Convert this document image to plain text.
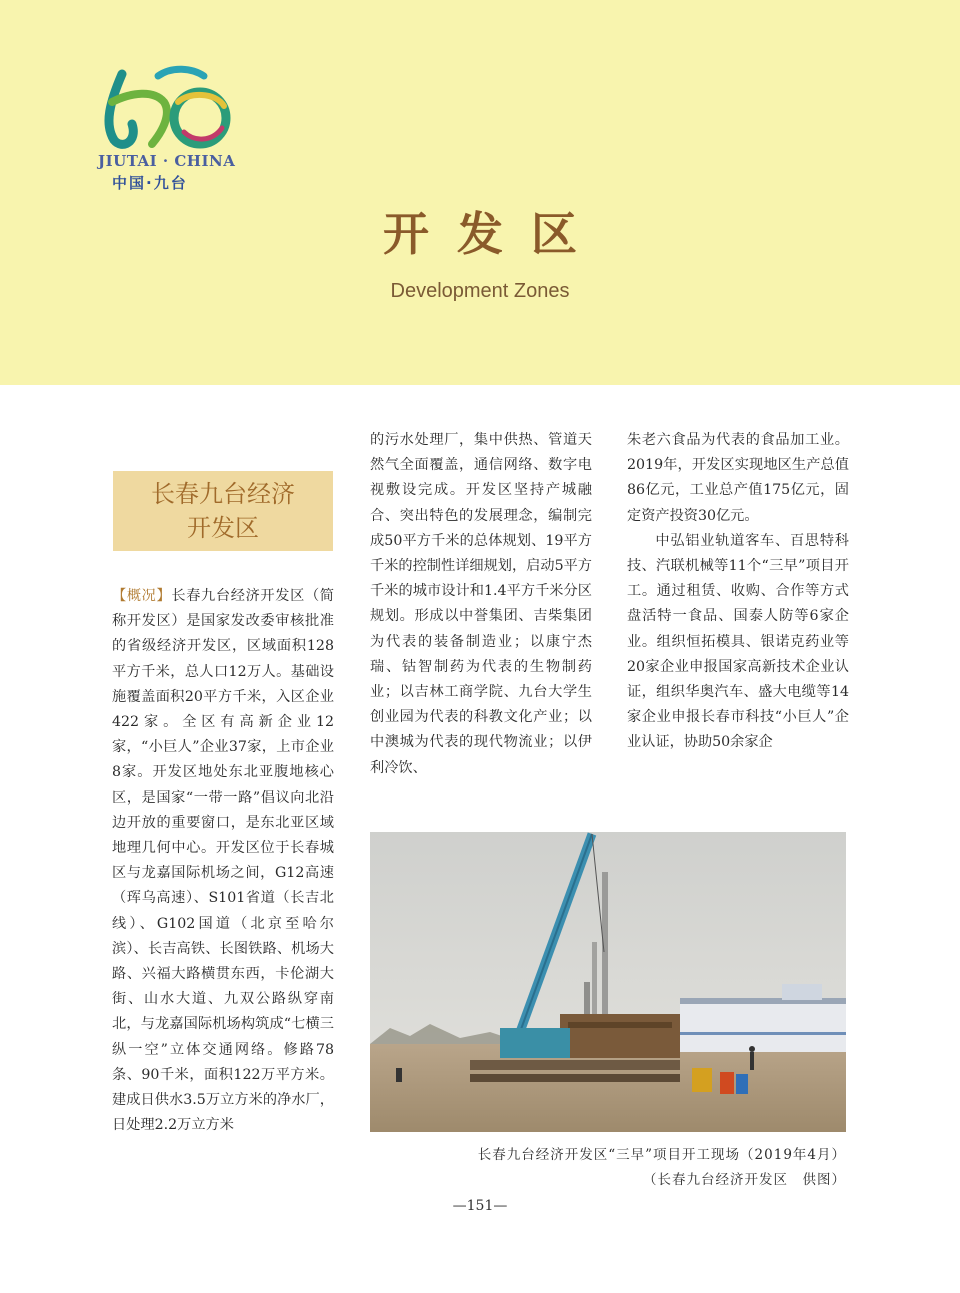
JIUTAI · CHINA
中国·九台
开发区
Development Zones
长春九台经济
开发区

【概况】长春九台经济开发区（简称开发区）是国家发改委审核批准的省级经济开发区，区域面积128平方千米，总人口12万人。基础设施覆盖面积20平方千米，入区企业422家。全区有高新企业12家，“小巨人”企业37家，上市企业8家。开发区地处东北亚腹地核心区，是国家“一带一路”倡议向北沿边开放的重要窗口，是东北亚区域地理几何中心。开发区位于长春城区与龙嘉国际机场之间，G12高速（珲乌高速）、S101省道（长吉北线）、G102国道（北京至哈尔滨）、长吉高铁、长图铁路、机场大路、兴福大路横贯东西，卡伦湖大街、山水大道、九双公路纵穿南北，与龙嘉国际机场构筑成“七横三纵一空”立体交通网络。修路78条、90千米，面积122万平方米。建成日供水3.5万立方米的净水厂，日处理2.2万立方米

的污水处理厂，集中供热、管道天然气全面覆盖，通信网络、数字电视敷设完成。开发区坚持产城融合、突出特色的发展理念，编制完成50平方千米的总体规划、19平方千米的控制性详细规划，启动5平方千米的城市设计和1.4平方千米分区规划。形成以中誉集团、吉柴集团为代表的装备制造业；以康宁杰瑞、钴智制药为代表的生物制药业；以吉林工商学院、九台大学生创业园为代表的科教文化产业；以中澳城为代表的现代物流业；以伊利冷饮、

朱老六食品为代表的食品加工业。2019年，开发区实现地区生产总值86亿元，工业总产值175亿元，固定资产投资30亿元。

中弘铝业轨道客车、百思特科技、汽联机械等11个“三早”项目开工。通过租赁、收购、合作等方式盘活特一食品、国泰人防等6家企业。组织恒拓模具、银诺克药业等20家企业申报国家高新技术企业认证，组织华奥汽车、盛大电缆等14家企业申报长春市科技“小巨人”企业认证，协助50余家企

长春九台经济开发区“三早”项目开工现场（2019年4月）
（长春九台经济开发区　供图）
—151—
